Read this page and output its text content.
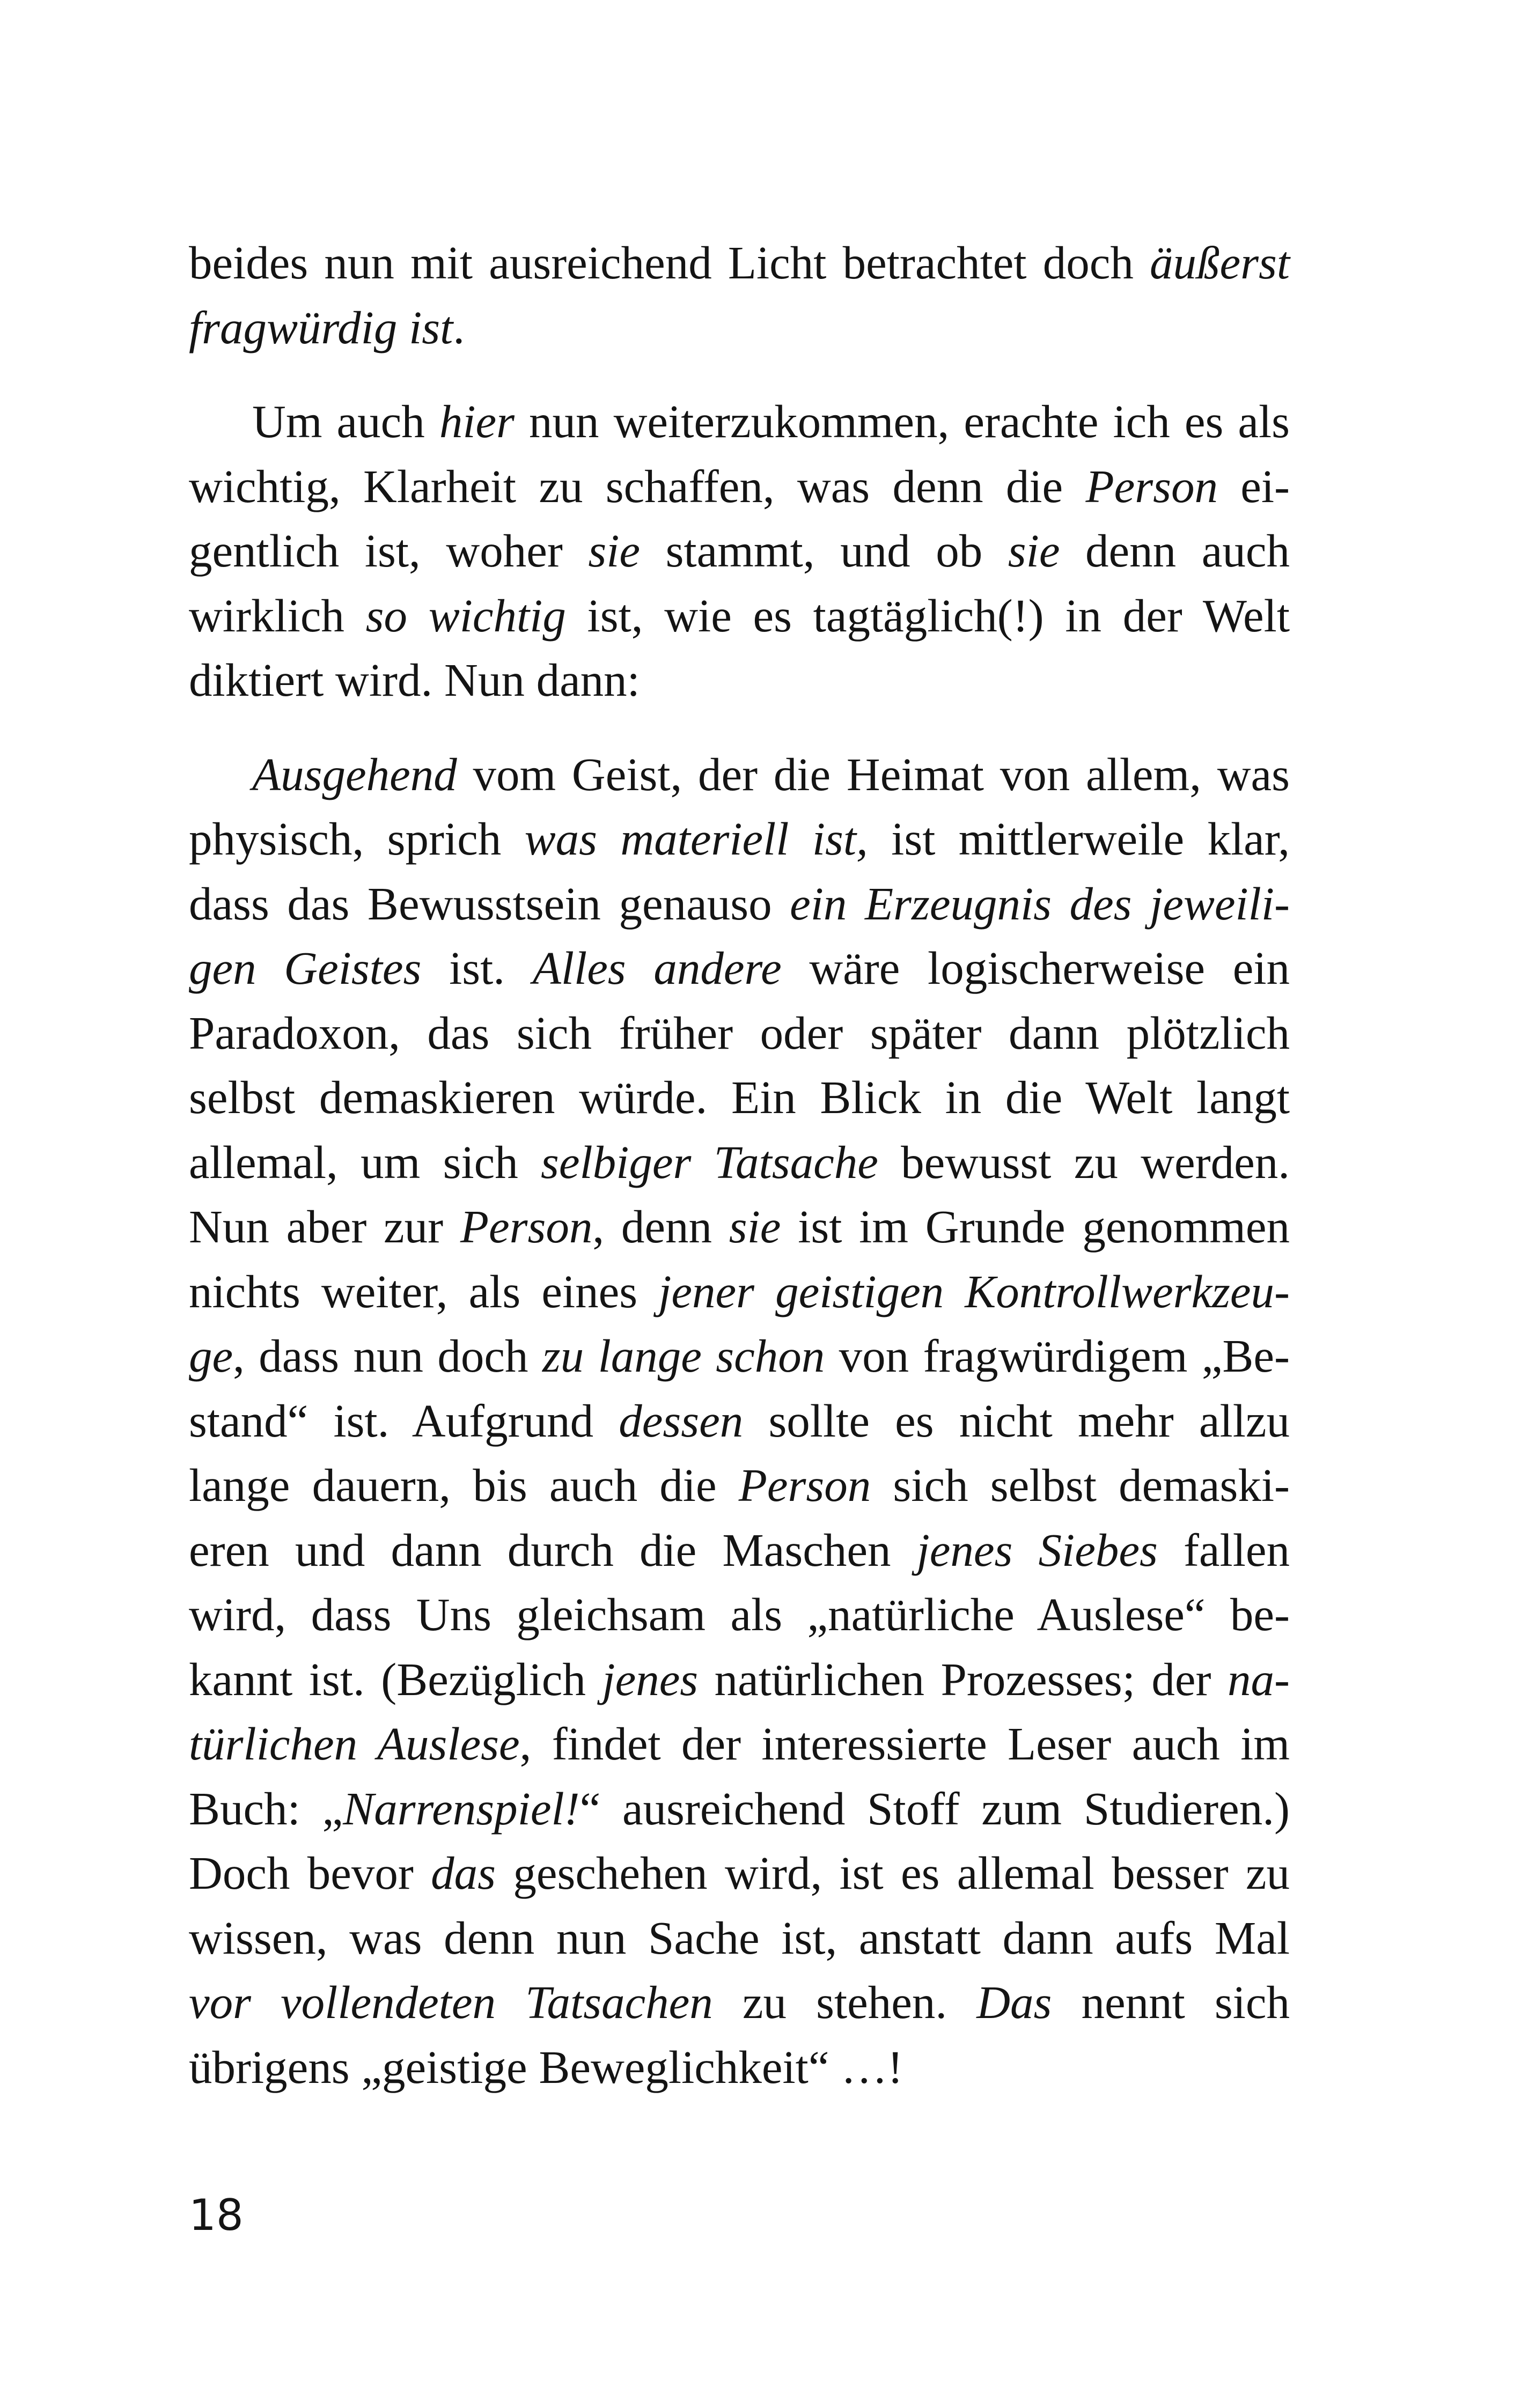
beides nun mit ausreichend Licht betrachtet doch äußerst
fragwürdig ist.
Um auch hier nun weiterzukommen, erachte ich es als
wichtig, Klarheit zu schaffen, was denn die Person ei-
gentlich ist, woher sie stammt, und ob sie denn auch
wirklich so wichtig ist, wie es tagtäglich(!) in der Welt
diktiert wird. Nun dann:
Ausgehend vom Geist, der die Heimat von allem, was
physisch, sprich was materiell ist, ist mittlerweile klar,
dass das Bewusstsein genauso ein Erzeugnis des jeweili-
gen Geistes ist. Alles andere wäre logischerweise ein
Paradoxon, das sich früher oder später dann plötzlich
selbst demaskieren würde. Ein Blick in die Welt langt
allemal, um sich selbiger Tatsache bewusst zu werden.
Nun aber zur Person, denn sie ist im Grunde genommen
nichts weiter, als eines jener geistigen Kontrollwerkzeu-
ge, dass nun doch zu lange schon von fragwürdigem „Be-
stand“ ist. Aufgrund dessen sollte es nicht mehr allzu
lange dauern, bis auch die Person sich selbst demaski-
eren und dann durch die Maschen jenes Siebes fallen
wird, dass Uns gleichsam als „natürliche Auslese“ be-
kannt ist. (Bezüglich jenes natürlichen Prozesses; der na-
türlichen Auslese, findet der interessierte Leser auch im
Buch: „Narrenspiel!“ ausreichend Stoff zum Studieren.)
Doch bevor das geschehen wird, ist es allemal besser zu
wissen, was denn nun Sache ist, anstatt dann aufs Mal
vor vollendeten Tatsachen zu stehen. Das nennt sich
übrigens „geistige Beweglichkeit“ …!
18
